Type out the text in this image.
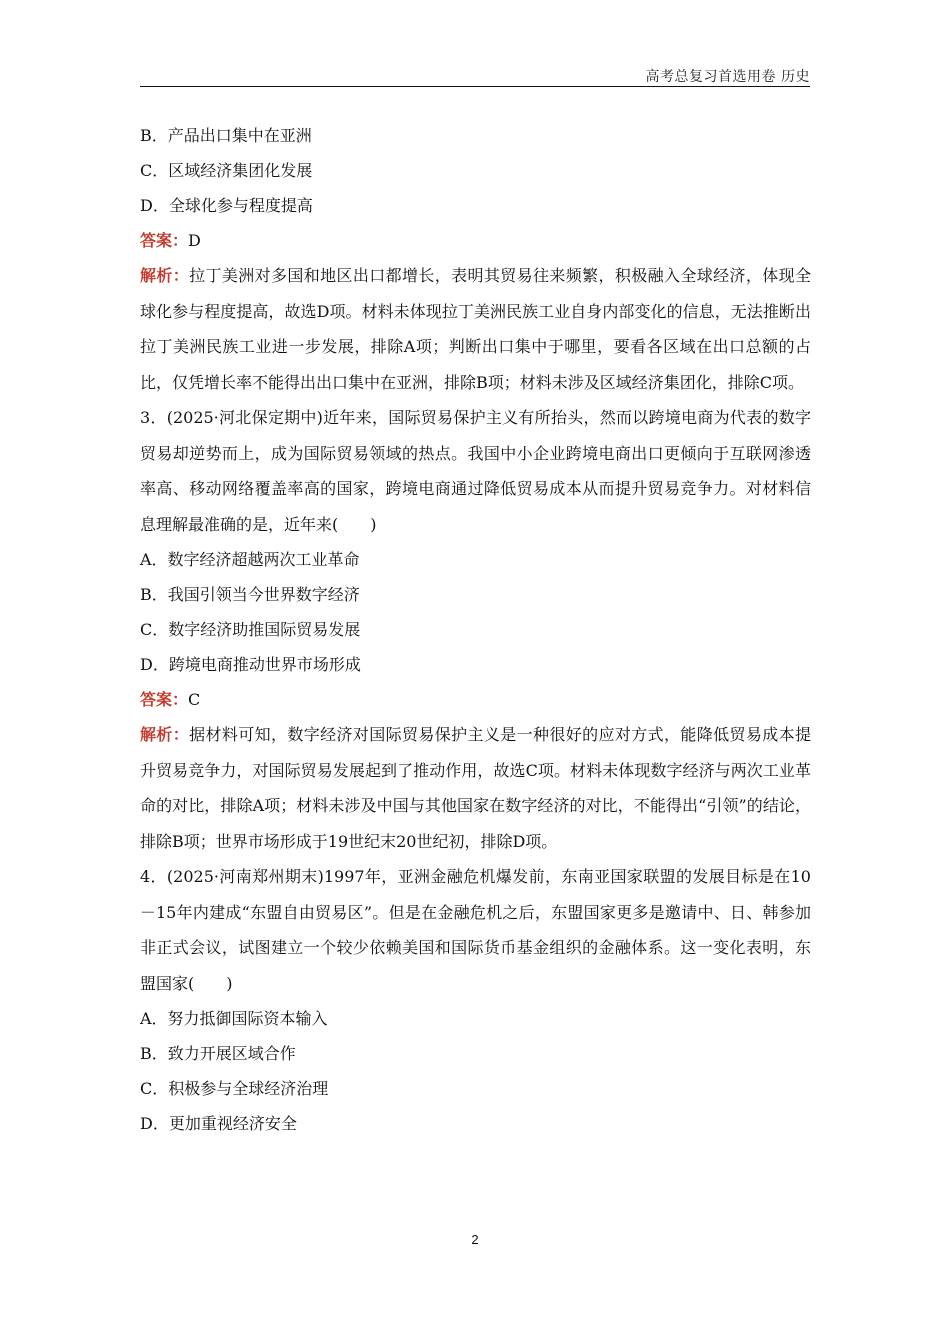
高考总复习首选用卷 历史
B．产品出口集中在亚洲
C．区域经济集团化发展
D．全球化参与程度提高
答案：D
解析：拉丁美洲对多国和地区出口都增长，表明其贸易往来频繁，积极融入全球经济，体现全球化参与程度提高，故选D项。材料未体现拉丁美洲民族工业自身内部变化的信息，无法推断出拉丁美洲民族工业进一步发展，排除A项；判断出口集中于哪里，要看各区域在出口总额的占比，仅凭增长率不能得出出口集中在亚洲，排除B项；材料未涉及区域经济集团化，排除C项。
3．(2025·河北保定期中)近年来，国际贸易保护主义有所抬头，然而以跨境电商为代表的数字贸易却逆势而上，成为国际贸易领域的热点。我国中小企业跨境电商出口更倾向于互联网渗透率高、移动网络覆盖率高的国家，跨境电商通过降低贸易成本从而提升贸易竞争力。对材料信息理解最准确的是，近年来(　　)
A．数字经济超越两次工业革命
B．我国引领当今世界数字经济
C．数字经济助推国际贸易发展
D．跨境电商推动世界市场形成
答案：C
解析：据材料可知，数字经济对国际贸易保护主义是一种很好的应对方式，能降低贸易成本提升贸易竞争力，对国际贸易发展起到了推动作用，故选C项。材料未体现数字经济与两次工业革命的对比，排除A项；材料未涉及中国与其他国家在数字经济的对比，不能得出“引领”的结论，排除B项；世界市场形成于19世纪末20世纪初，排除D项。
4．(2025·河南郑州期末)1997年，亚洲金融危机爆发前，东南亚国家联盟的发展目标是在10－15年内建成“东盟自由贸易区”。但是在金融危机之后，东盟国家更多是邀请中、日、韩参加非正式会议，试图建立一个较少依赖美国和国际货币基金组织的金融体系。这一变化表明，东盟国家(　　)
A．努力抵御国际资本输入
B．致力开展区域合作
C．积极参与全球经济治理
D．更加重视经济安全
2
